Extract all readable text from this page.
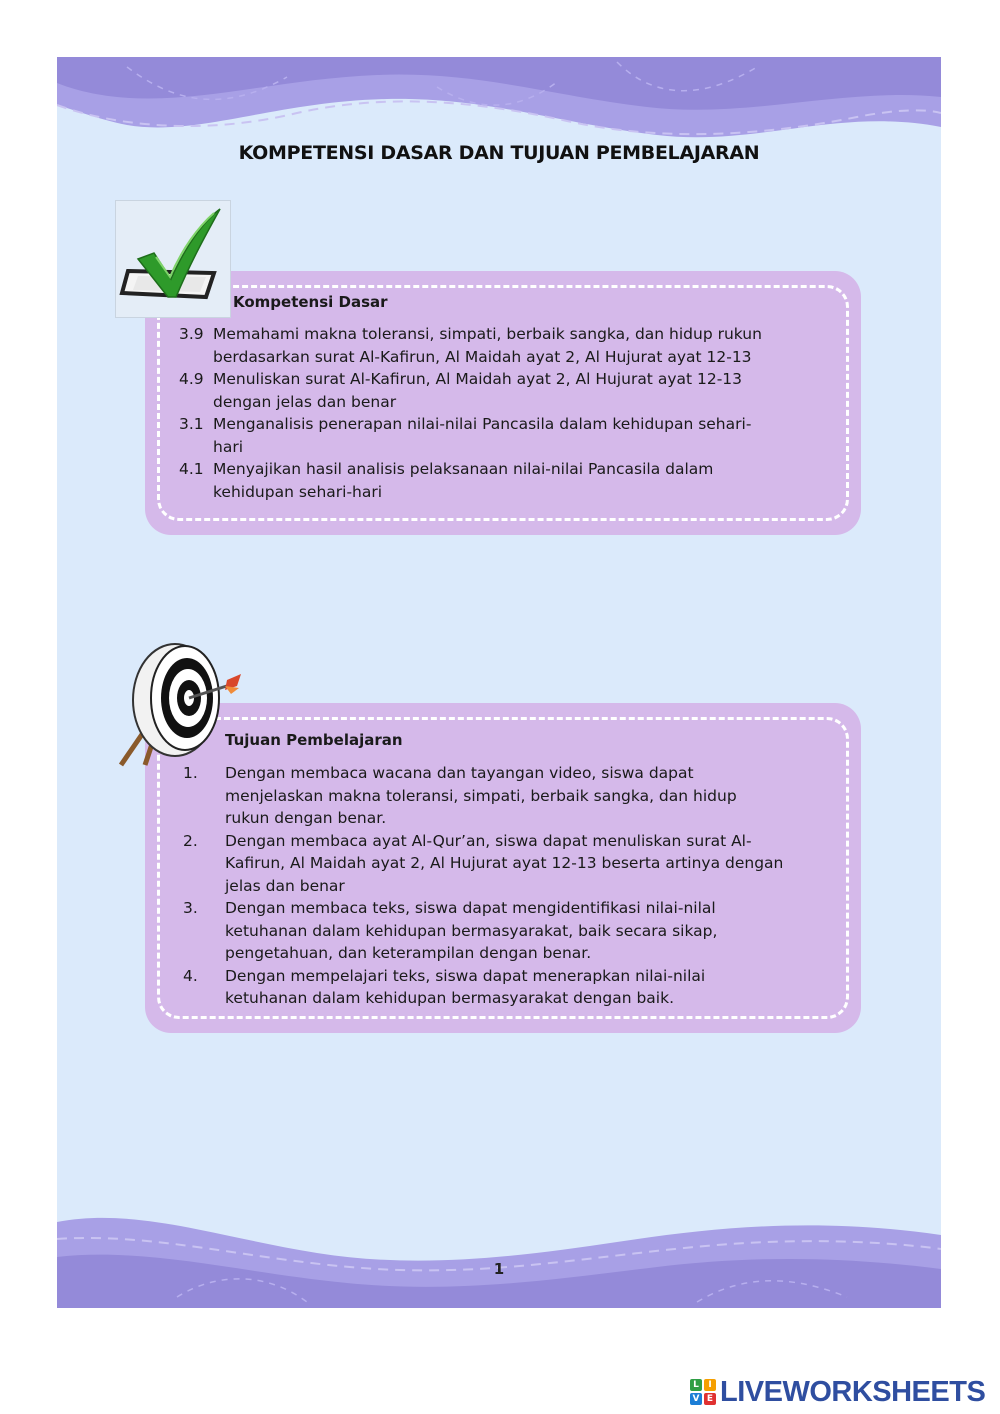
KOMPETENSI DASAR DAN TUJUAN PEMBELAJARAN
Kompetensi Dasar
Tujuan Pembelajaran
1
3.9 Memahami makna toleransi, simpati, berbaik sangka, dan hidup rukun
berdasarkan surat Al-Kafirun, Al Maidah ayat 2, Al Hujurat ayat 12-13
4.9 Menuliskan surat Al-Kafirun, Al Maidah ayat 2, Al Hujurat ayat 12-13
dengan jelas dan benar
3.1 Menganalisis penerapan nilai-nilai Pancasila dalam kehidupan sehari-
hari
4.1 Menyajikan hasil analisis pelaksanaan nilai-nilai Pancasila dalam
kehidupan sehari-hari
1. Dengan membaca wacana dan tayangan video, siswa dapat
menjelaskan makna toleransi, simpati, berbaik sangka, dan hidup
rukun dengan benar.
2. Dengan membaca ayat Al-Qur’an, siswa dapat menuliskan surat Al-
Kafirun, Al Maidah ayat 2, Al Hujurat ayat 12-13 beserta artinya dengan
jelas dan benar
3. Dengan membaca teks, siswa dapat mengidentifikasi nilai-nilal
ketuhanan dalam kehidupan bermasyarakat, baik secara sikap,
pengetahuan, dan keterampilan dengan benar.
4. Dengan mempelajari teks, siswa dapat menerapkan nilai-nilai
ketuhanan dalam kehidupan bermasyarakat dengan baik.
L	I
V E LIVEWORKSHEETS
